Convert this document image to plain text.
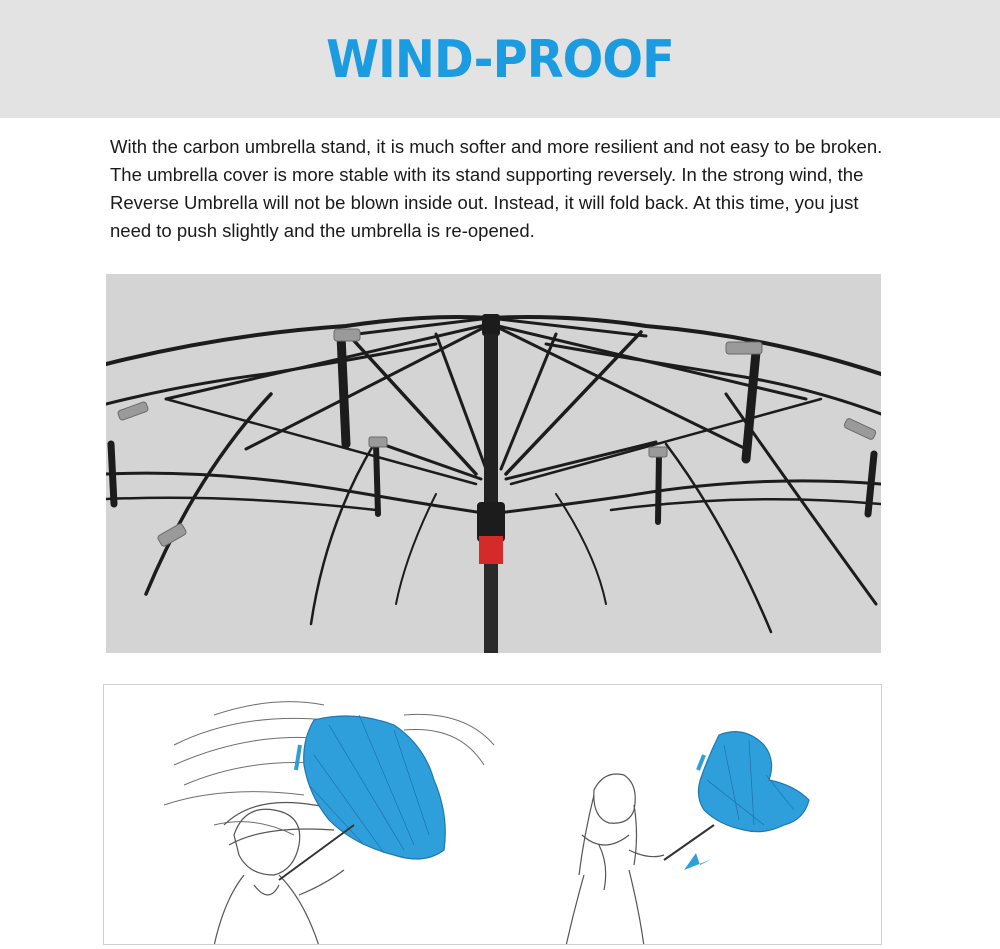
WIND-PROOF
With the carbon umbrella stand, it is much softer and more resilient and not easy to be broken.
The umbrella cover is more stable with its stand supporting reversely. In the strong wind, the
Reverse Umbrella will not be blown inside out. Instead, it will fold back. At this time, you just
need to push slightly and the umbrella is re-opened.
